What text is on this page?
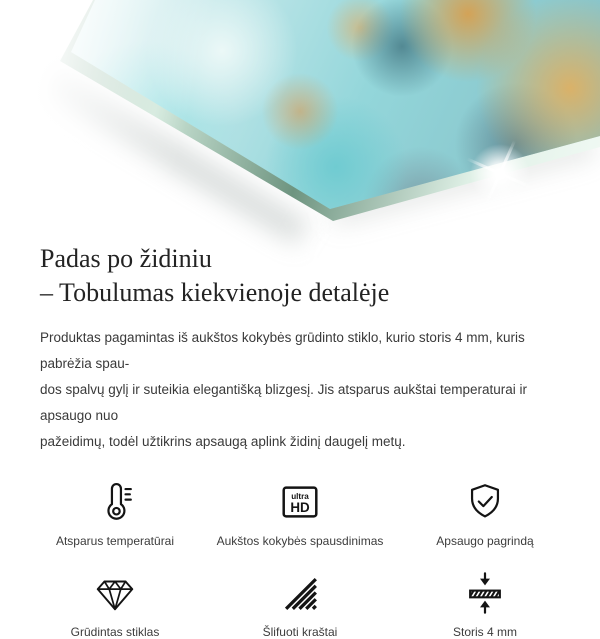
Padas po židiniu
– Tobulumas kiekvienoje detalėje
Produktas pagamintas iš aukštos kokybės grūdinto stiklo, kurio storis 4 mm, kuris pabrėžia spau-
dos spalvų gylį ir suteikia elegantišką blizgesį. Jis atsparus aukštai temperaturai ir apsaugo nuo
pažeidimų, todėl užtikrins apsaugą aplink židinį daugelį metų.
Atsparus temperatūrai
ultra
HD
Aukštos kokybės spausdinimas	Apsaugo pagrindą
Grūdintas stiklas	Šlifuoti kraštai	Storis 4 mm
